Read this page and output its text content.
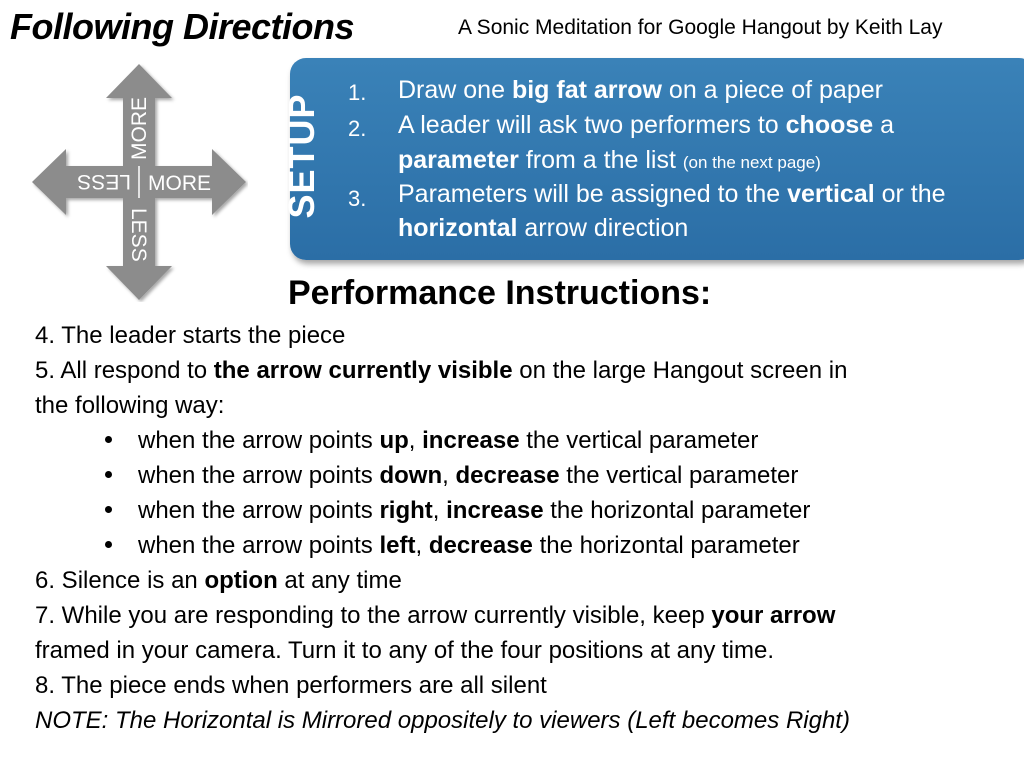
Following Directions	A Sonic Meditation for Google Hangout by Keith Lay
MORE
LESS
LESS MORE SETUP
1. Draw one big fat arrow on a piece of paper
2. A leader will ask two performers to choose a
parameter from a the list (on the next page)
3. Parameters will be assigned to the vertical or the
horizontal arrow direction
Performance Instructions:
4. The leader starts the piece
5. All respond to the arrow currently visible on the large Hangout screen in
the following way:
when the arrow points up, increase the vertical parameter
when the arrow points down, decrease the vertical parameter
when the arrow points right, increase the horizontal parameter
when the arrow points left, decrease the horizontal parameter
6. Silence is an option at any time
7. While you are responding to the arrow currently visible, keep your arrow
framed in your camera. Turn it to any of the four positions at any time.
8. The piece ends when performers are all silent
NOTE: The Horizontal is Mirrored oppositely to viewers (Left becomes Right)
